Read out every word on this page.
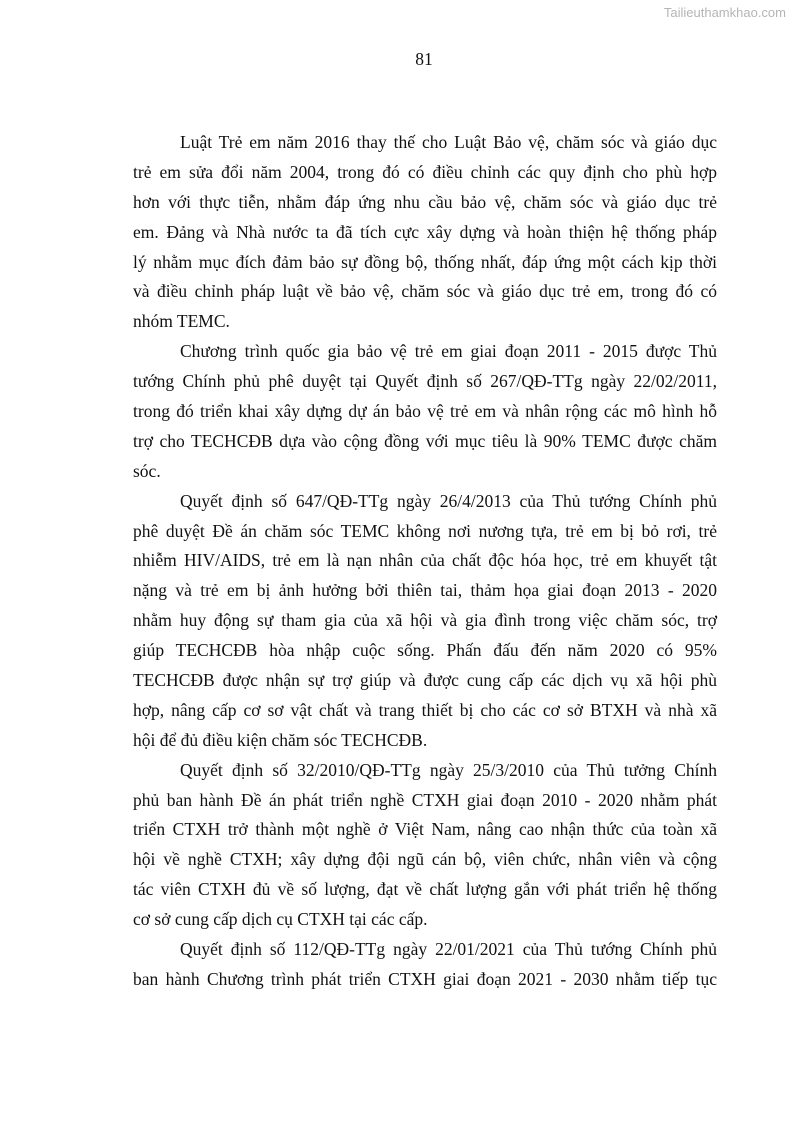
Tailieuthamkhao.com
81
Luật Trẻ em năm 2016 thay thế cho Luật Bảo vệ, chăm sóc và giáo dục
trẻ em sửa đổi năm 2004, trong đó có điều chỉnh các quy định cho phù hợp
hơn với thực tiễn, nhằm đáp ứng nhu cầu bảo vệ, chăm sóc và giáo dục trẻ
em. Đảng và Nhà nước ta đã tích cực xây dựng và hoàn thiện hệ thống pháp
lý nhằm mục đích đảm bảo sự đồng bộ, thống nhất, đáp ứng một cách kịp thời
và điều chỉnh pháp luật về bảo vệ, chăm sóc và giáo dục trẻ em, trong đó có
nhóm TEMC.
Chương trình quốc gia bảo vệ trẻ em giai đoạn 2011 - 2015 được Thủ
tướng Chính phủ phê duyệt tại Quyết định số 267/QĐ-TTg ngày 22/02/2011,
trong đó triển khai xây dựng dự án bảo vệ trẻ em và nhân rộng các mô hình hỗ
trợ cho TECHCĐB dựa vào cộng đồng với mục tiêu là 90% TEMC được chăm
sóc.
Quyết định số 647/QĐ-TTg ngày 26/4/2013 của Thủ tướng Chính phủ
phê duyệt Đề án chăm sóc TEMC không nơi nương tựa, trẻ em bị bỏ rơi, trẻ
nhiễm HIV/AIDS, trẻ em là nạn nhân của chất độc hóa học, trẻ em khuyết tật
nặng và trẻ em bị ảnh hưởng bởi thiên tai, thảm họa giai đoạn 2013 - 2020
nhằm huy động sự tham gia của xã hội và gia đình trong việc chăm sóc, trợ
giúp TECHCĐB hòa nhập cuộc sống. Phấn đấu đến năm 2020 có 95%
TECHCĐB được nhận sự trợ giúp và được cung cấp các dịch vụ xã hội phù
hợp, nâng cấp cơ sơ vật chất và trang thiết bị cho các cơ sở BTXH và nhà xã
hội để đủ điều kiện chăm sóc TECHCĐB.
Quyết định số 32/2010/QĐ-TTg ngày 25/3/2010 của Thủ tưởng Chính
phủ ban hành Đề án phát triển nghề CTXH giai đoạn 2010 - 2020 nhằm phát
triển CTXH trở thành một nghề ở Việt Nam, nâng cao nhận thức của toàn xã
hội về nghề CTXH; xây dựng đội ngũ cán bộ, viên chức, nhân viên và cộng
tác viên CTXH đủ về số lượng, đạt về chất lượng gắn với phát triển hệ thống
cơ sở cung cấp dịch cụ CTXH tại các cấp.
Quyết định số 112/QĐ-TTg ngày 22/01/2021 của Thủ tướng Chính phủ
ban hành Chương trình phát triển CTXH giai đoạn 2021 - 2030 nhằm tiếp tục
